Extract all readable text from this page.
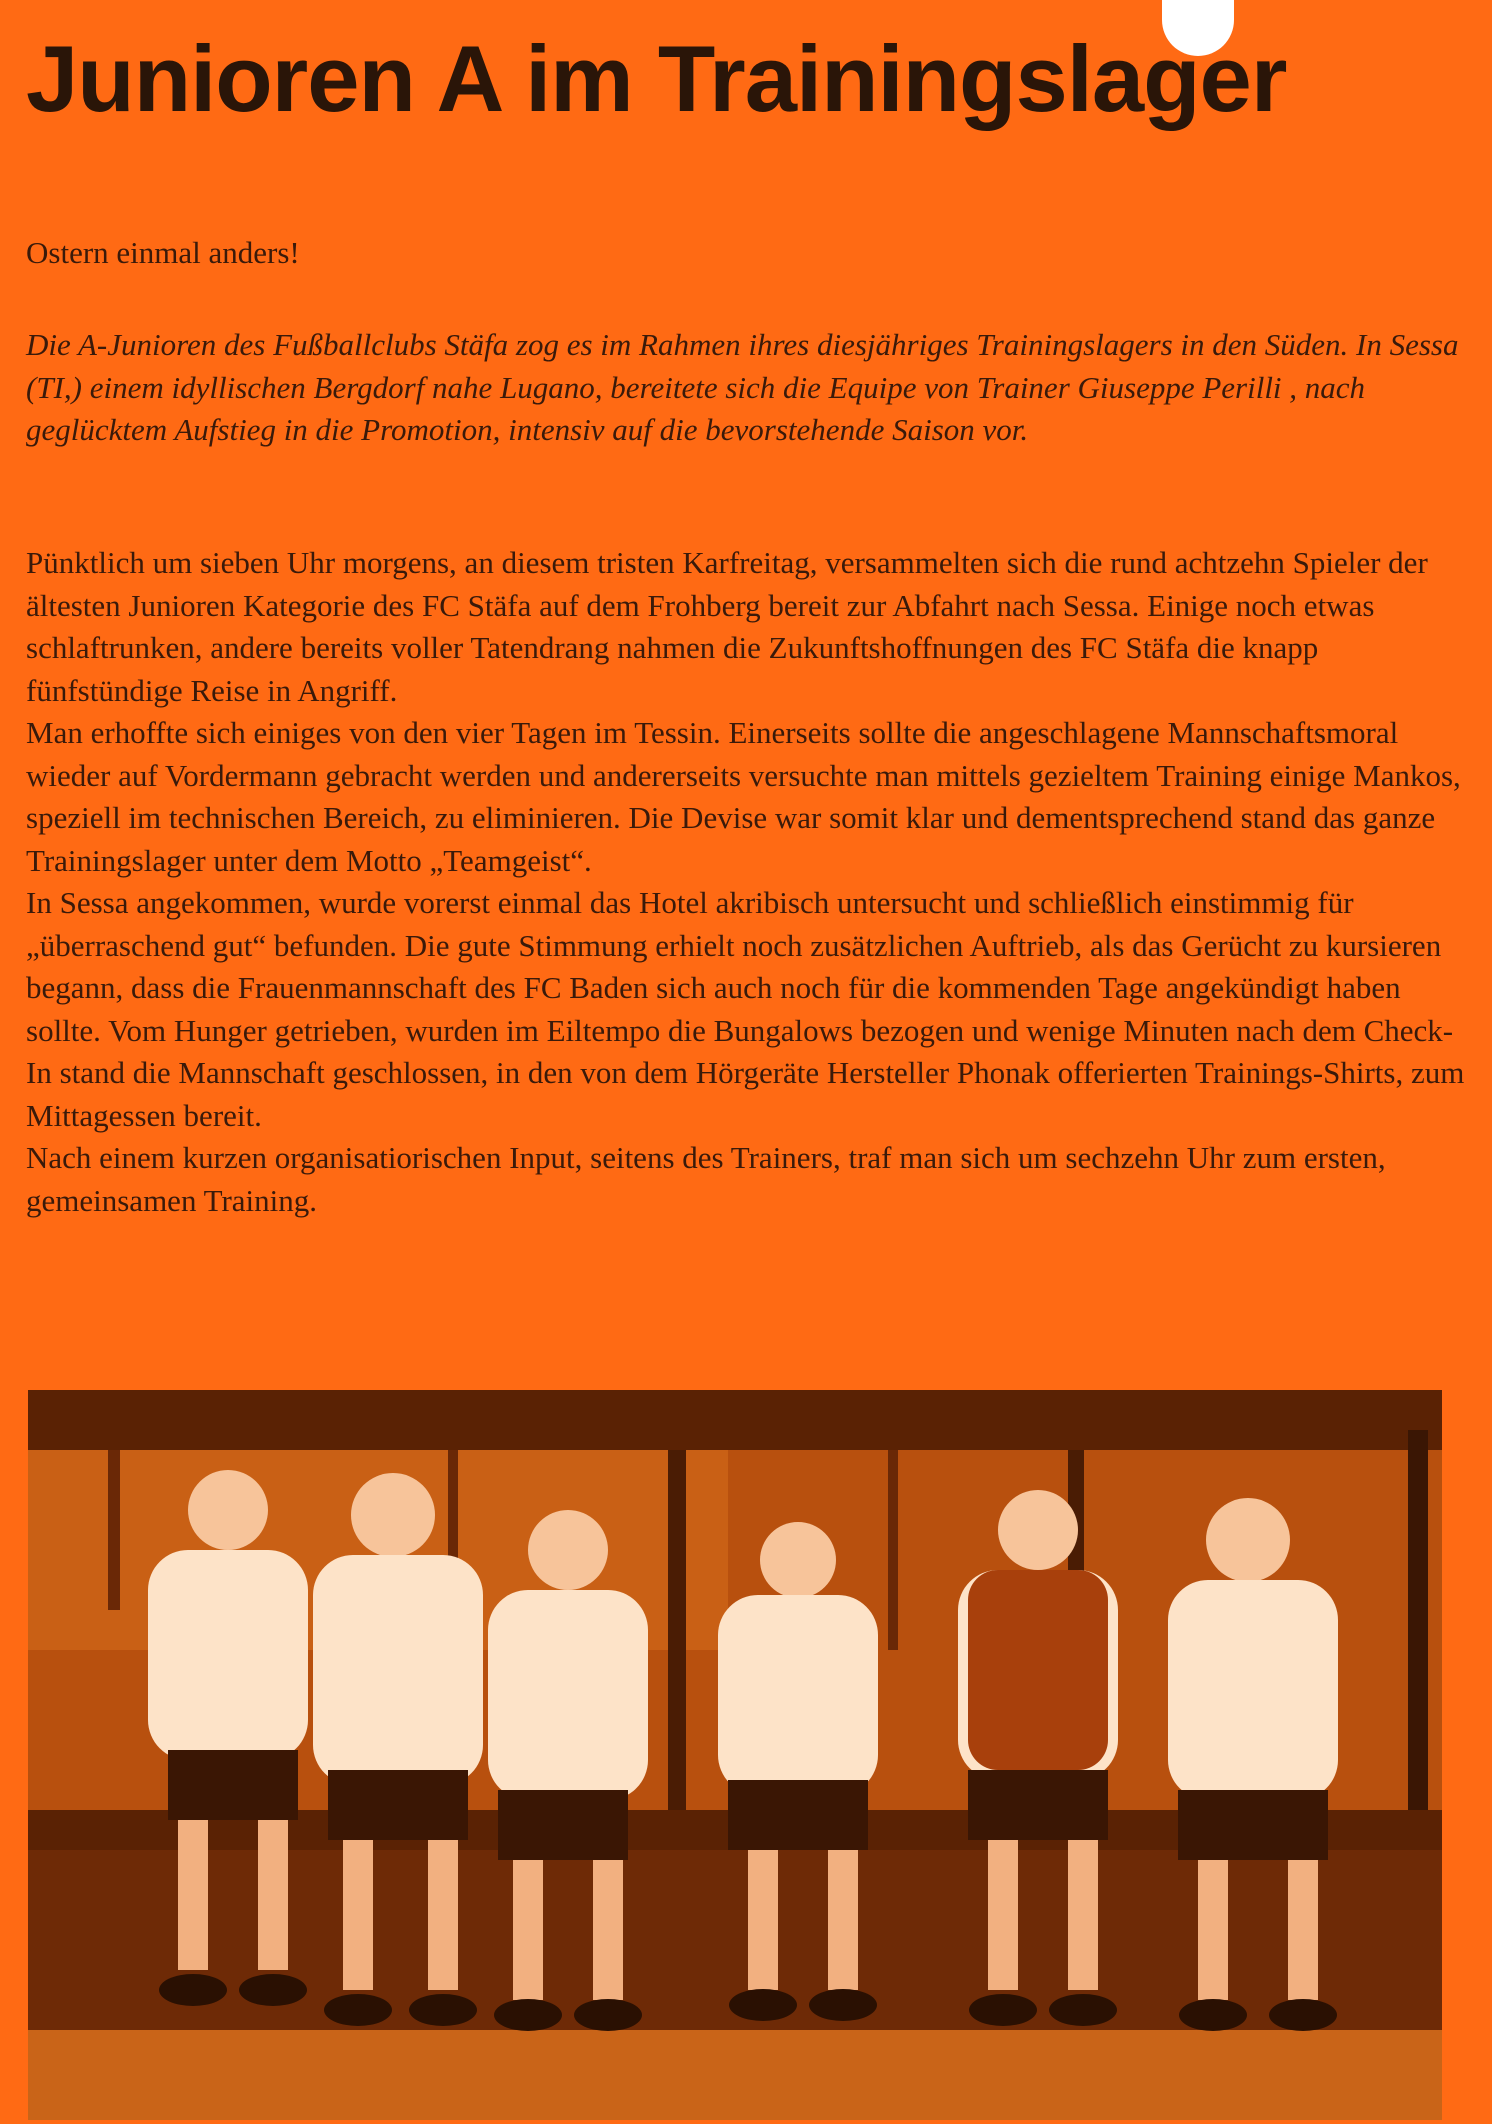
Junioren A im Trainingslager

Ostern einmal anders!

Die A-Junioren des Fußballclubs Stäfa zog es im Rahmen ihres diesjähriges Trainingslagers in den Süden. In Sessa (TI,) einem idyllischen Bergdorf nahe Lugano, bereitete sich die Equipe von Trainer Giuseppe Perilli , nach geglücktem Aufstieg in die Promotion, intensiv auf die bevorstehende Saison vor.

Pünktlich um sieben Uhr morgens, an diesem tristen Karfreitag, versammelten sich die rund achtzehn Spieler der ältesten Junioren Kategorie des FC Stäfa auf dem Frohberg bereit zur Abfahrt nach Sessa. Einige noch etwas schlaftrunken, andere bereits voller Tatendrang nahmen die Zukunftshoffnungen des FC Stäfa die knapp fünfstündige Reise in Angriff.
Man erhoffte sich einiges von den vier Tagen im Tessin. Einerseits sollte die angeschlagene Mannschaftsmoral wieder auf Vordermann gebracht werden und andererseits versuchte man mittels gezieltem Training einige Mankos, speziell im technischen Bereich, zu eliminieren. Die Devise war somit klar und dementsprechend stand das ganze Trainingslager unter dem Motto „Teamgeist“.
In Sessa angekommen, wurde vorerst einmal das Hotel akribisch untersucht und schließlich einstimmig für „überraschend gut“ befunden. Die gute Stimmung erhielt noch zusätzlichen Auftrieb, als das Gerücht zu kursieren begann, dass die Frauenmannschaft des FC Baden sich auch noch für die kommenden Tage angekündigt haben sollte. Vom Hunger getrieben, wurden im Eiltempo die Bungalows bezogen und wenige Minuten nach dem Check-In stand die Mannschaft geschlossen, in den von dem Hörgeräte Hersteller Phonak offerierten Trainings-Shirts, zum Mittagessen bereit.
Nach einem kurzen organisatiorischen Input, seitens des Trainers, traf man sich um sechzehn Uhr zum ersten, gemeinsamen Training.
